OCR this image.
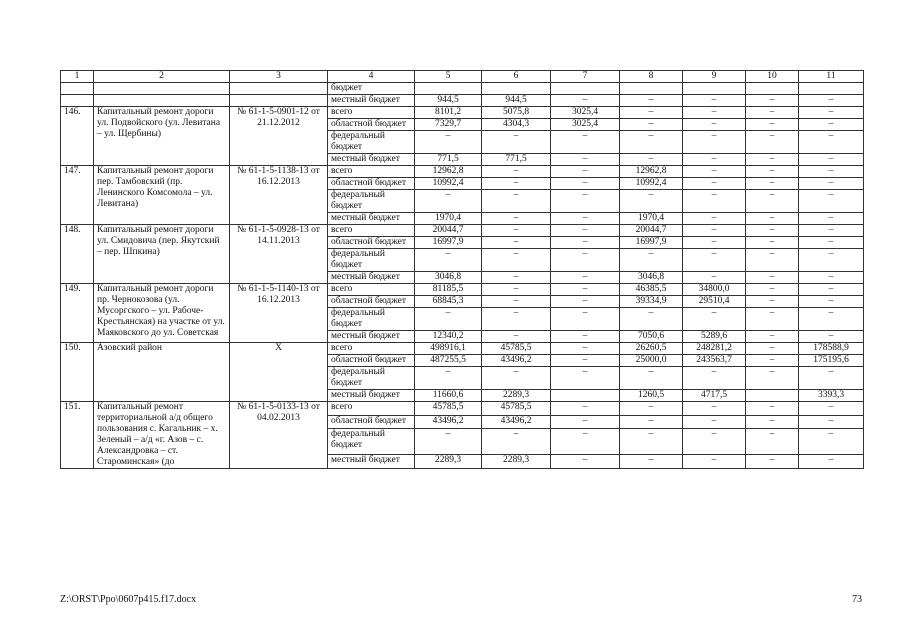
1	2	3	4	5	6	7	8	9	10	11
			бюджет							
			местный бюджет	944,5	944,5	–	–	–	–	–
146.	Капитальный ремонт дороги ул. Подвойского (ул. Левитана – ул. Щербины)	№ 61-1-5-0901-12 от 21.12.2012	всего	8101,2	5075,8	3025,4	–	–	–	–
			областной бюджет	7329,7	4304,3	3025,4	–	–	–	–
			федеральный бюджет	–	–	–	–	–	–	–
			местный бюджет	771,5	771,5	–	–	–	–	–
147.	Капитальный ремонт дороги пер. Тамбовский (пр. Ленинского Комсомола – ул. Левитана)	№ 61-1-5-1138-13 от 16.12.2013	всего	12962,8	–	–	12962,8	–	–	–
			областной бюджет	10992,4	–	–	10992,4	–	–	–
			федеральный бюджет	–	–	–	–	–	–	–
			местный бюджет	1970,4	–	–	1970,4	–	–	–
148.	Капитальный ремонт дороги ул. Смидовича (пер. Якутский – пер. Шпкина)	№ 61-1-5-0928-13 от 14.11.2013	всего	20044,7	–	–	20044,7	–	–	–
			областной бюджет	16997,9	–	–	16997,9	–	–	–
			федеральный бюджет	–	–	–	–	–	–	–
			местный бюджет	3046,8	–	–	3046,8	–	–	–
149.	Капитальный ремонт дороги пр. Чернокозова (ул. Мусоргского – ул. Рабоче-Крестьянская) на участке от ул. Маяковского до ул. Советская	№ 61-1-5-1140-13 от 16.12.2013	всего	81185,5	–	–	46385,5	34800,0	–	–
			областной бюджет	68845,3	–	–	39334,9	29510,4	–	–
			федеральный бюджет	–	–	–	–	–	–	–
			местный бюджет	12340,2	–	–	7050,6	5289,6	–	–
150.	Азовский район	Х	всего	498916,1	45785,5	–	26260,5	248281,2	–	178588,9
			областной бюджет	487255,5	43496,2	–	25000,0	243563,7	–	175195,6
			федеральный бюджет	–	–	–	–	–	–	–
			местный бюджет	11660,6	2289,3		1260,5	4717,5		3393,3
151.	Капитальный ремонт территориальной а/д общего пользования с. Кагальник – х. Зеленый – а/д «г. Азов – с. Александровка – ст. Староминская» (до	№ 61-1-5-0133-13 от 04.02.2013	всего	45785,5	45785,5	–	–	–	–	–
			областной бюджет	43496,2	43496,2	–	–	–	–	–
			федеральный бюджет	–	–	–	–	–	–	–
			местный бюджет	2289,3	2289,3	–	–	–	–	–
Z:\ORST\Ppo\0607p415.f17.docx	73
